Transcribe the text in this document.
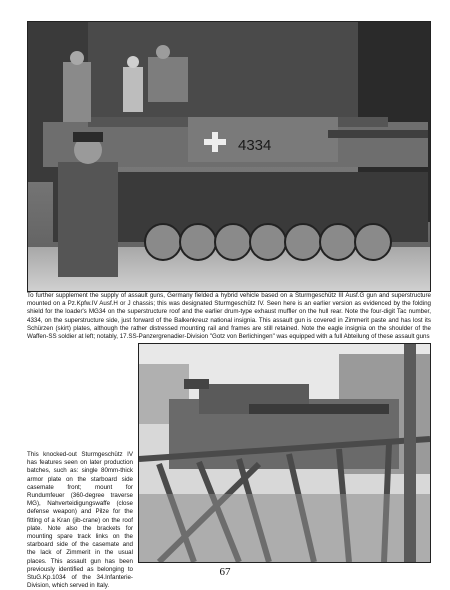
4334
To further supplement the supply of assault guns, Germany fielded a hybrid vehicle based on a Sturmgeschütz III Ausf.G gun and superstructure mounted on a Pz.Kpfw.IV Ausf.H or J chassis; this was designated Sturmgeschütz IV. Seen here is an earlier version as evidenced by the folding shield for the loader's MG34 on the superstructure roof and the earlier drum-type exhaust muffler on the hull rear. Note the four-digit Tac number, 4334, on the superstructure side, just forward of the Balkenkreuz national insignia. This assault gun is covered in Zimmerit paste and has lost its Schürzen (skirt) plates, although the rather distressed mounting rail and frames are still retained. Note the eagle insignia on the shoulder of the Waffen-SS soldier at left; notably, 17.SS-Panzergrenadier-Division "Gotz von Berlichingen" was equipped with a full Abteilung of these assault guns
This knocked-out Sturmgeschütz IV has features seen on later production batches, such as: single 80mm-thick armor plate on the starboard side casemate front; mount for Rundumfeuer (360-degree traverse MG), Nahverteidigungswaffe (close defense weapon) and Pilze for the fitting of a Kran (jib-crane) on the roof plate. Note also the brackets for mounting spare track links on the starboard side of the casemate and the lack of Zimmerit in the usual places. This assault gun has been previously identified as belonging to StuG.Kp.1034 of the 34.Infanterie-Division, which served in Italy.
67
